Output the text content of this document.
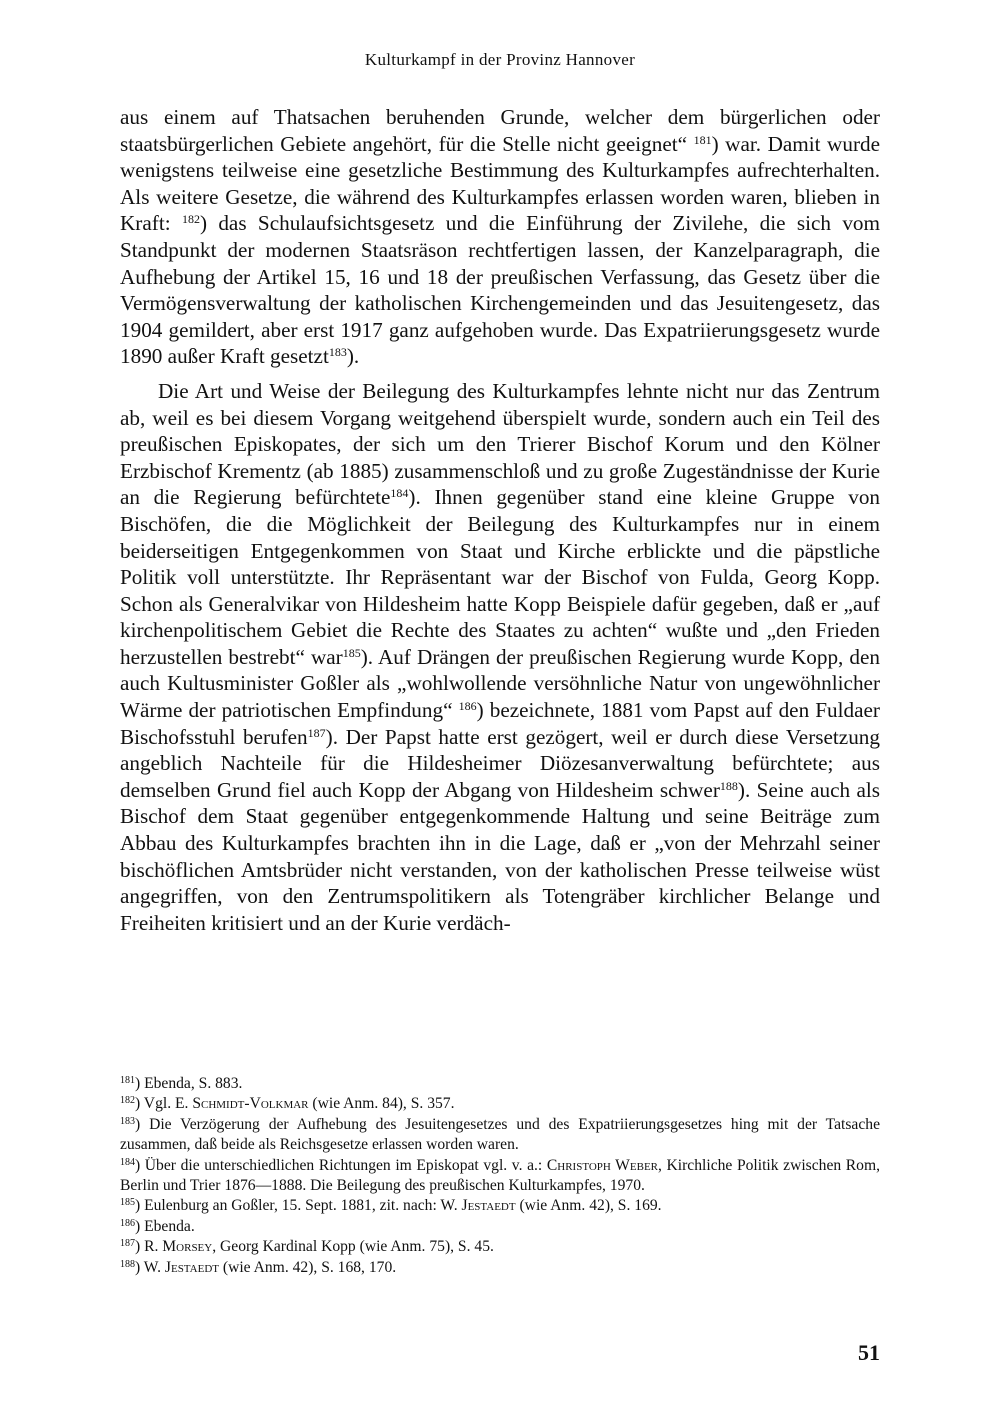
Kulturkampf in der Provinz Hannover

aus einem auf Thatsachen beruhenden Grunde, welcher dem bürgerlichen oder staatsbürgerlichen Gebiete angehört, für die Stelle nicht geeignet“ $^{181}$) war. Damit wurde wenigstens teilweise eine gesetzliche Bestimmung des Kulturkampfes aufrechterhalten. Als weitere Gesetze, die während des Kulturkampfes erlassen worden waren, blieben in Kraft: $^{182}$) das Schulaufsichtsgesetz und die Einführung der Zivilehe, die sich vom Standpunkt der modernen Staatsräson rechtfertigen lassen, der Kanzelparagraph, die Aufhebung der Artikel 15, 16 und 18 der preußischen Verfassung, das Gesetz über die Vermögensverwaltung der katholischen Kirchengemeinden und das Jesuitengesetz, das 1904 gemildert, aber erst 1917 ganz aufgehoben wurde. Das Expatriierungsgesetz wurde 1890 außer Kraft gesetzt$^{183}$).

Die Art und Weise der Beilegung des Kulturkampfes lehnte nicht nur das Zentrum ab, weil es bei diesem Vorgang weitgehend überspielt wurde, sondern auch ein Teil des preußischen Episkopates, der sich um den Trierer Bischof Korum und den Kölner Erzbischof Krementz (ab 1885) zusammenschloß und zu große Zugeständnisse der Kurie an die Regierung befürchtete$^{184}$). Ihnen gegenüber stand eine kleine Gruppe von Bischöfen, die die Möglichkeit der Beilegung des Kulturkampfes nur in einem beiderseitigen Entgegenkommen von Staat und Kirche erblickte und die päpstliche Politik voll unterstützte. Ihr Repräsentant war der Bischof von Fulda, Georg Kopp. Schon als Generalvikar von Hildesheim hatte Kopp Beispiele dafür gegeben, daß er „auf kirchenpolitischem Gebiet die Rechte des Staates zu achten“ wußte und „den Frieden herzustellen bestrebt“ war$^{185}$). Auf Drängen der preußischen Regierung wurde Kopp, den auch Kultusminister Goßler als „wohlwollende versöhnliche Natur von ungewöhnlicher Wärme der patriotischen Empfindung“ $^{186}$) bezeichnete, 1881 vom Papst auf den Fuldaer Bischofsstuhl berufen$^{187}$). Der Papst hatte erst gezögert, weil er durch diese Versetzung angeblich Nachteile für die Hildesheimer Diözesanverwaltung befürchtete; aus demselben Grund fiel auch Kopp der Abgang von Hildesheim schwer$^{188}$). Seine auch als Bischof dem Staat gegenüber entgegenkommende Haltung und seine Beiträge zum Abbau des Kulturkampfes brachten ihn in die Lage, daß er „von der Mehrzahl seiner bischöflichen Amtsbrüder nicht verstanden, von der katholischen Presse teilweise wüst angegriffen, von den Zentrumspolitikern als Totengräber kirchlicher Belange und Freiheiten kritisiert und an der Kurie verdäch-

$^{181}$) Ebenda, S. 883.

$^{182}$) Vgl. E. Schmidt-Volkmar (wie Anm. 84), S. 357.

$^{183}$) Die Verzögerung der Aufhebung des Jesuitengesetzes und des Expatriierungsgesetzes hing mit der Tatsache zusammen, daß beide als Reichsgesetze erlassen worden waren.

$^{184}$) Über die unterschiedlichen Richtungen im Episkopat vgl. v. a.: Christoph Weber, Kirchliche Politik zwischen Rom, Berlin und Trier 1876—1888. Die Beilegung des preußischen Kulturkampfes, 1970.

$^{185}$) Eulenburg an Goßler, 15. Sept. 1881, zit. nach: W. Jestaedt (wie Anm. 42), S. 169.

$^{186}$) Ebenda.

$^{187}$) R. Morsey, Georg Kardinal Kopp (wie Anm. 75), S. 45.

$^{188}$) W. Jestaedt (wie Anm. 42), S. 168, 170.

51
